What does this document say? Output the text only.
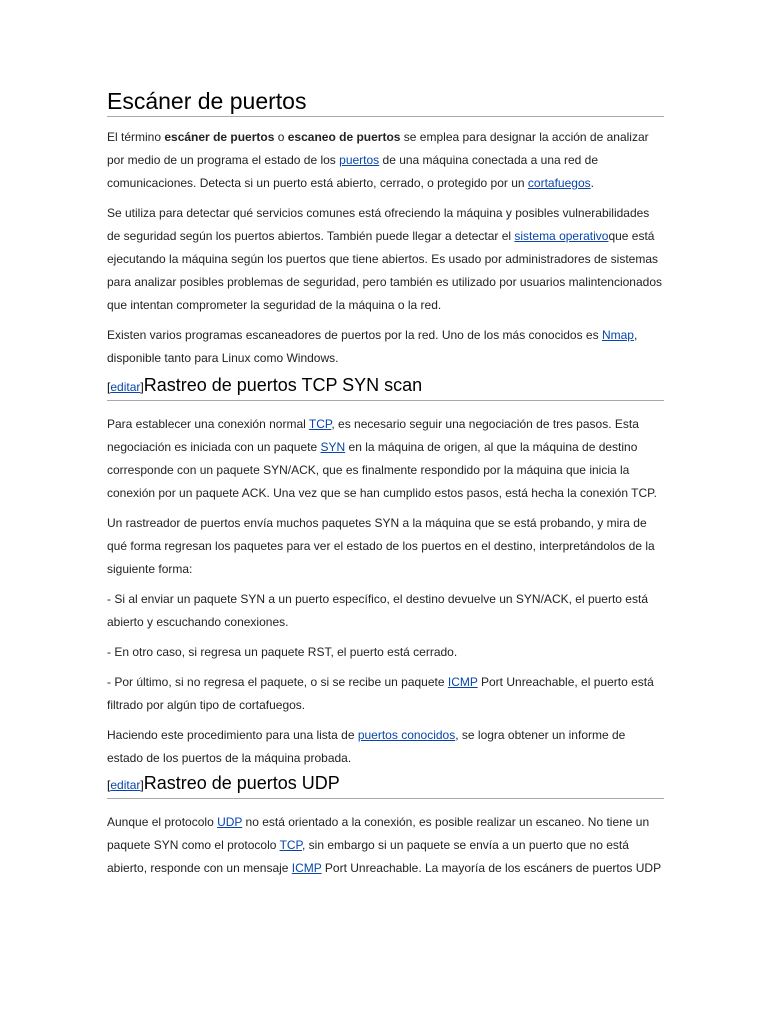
Escáner de puertos

El término escáner de puertos o escaneo de puertos se emplea para designar la acción de analizar por medio de un programa el estado de los puertos de una máquina conectada a una red de comunicaciones. Detecta si un puerto está abierto, cerrado, o protegido por un cortafuegos.

Se utiliza para detectar qué servicios comunes está ofreciendo la máquina y posibles vulnerabilidades de seguridad según los puertos abiertos. También puede llegar a detectar el sistema operativoque está ejecutando la máquina según los puertos que tiene abiertos. Es usado por administradores de sistemas para analizar posibles problemas de seguridad, pero también es utilizado por usuarios malintencionados que intentan comprometer la seguridad de la máquina o la red.

Existen varios programas escaneadores de puertos por la red. Uno de los más conocidos es Nmap, disponible tanto para Linux como Windows.

[editar]Rastreo de puertos TCP SYN scan

Para establecer una conexión normal TCP, es necesario seguir una negociación de tres pasos. Esta negociación es iniciada con un paquete SYN en la máquina de origen, al que la máquina de destino corresponde con un paquete SYN/ACK, que es finalmente respondido por la máquina que inicia la conexión por un paquete ACK. Una vez que se han cumplido estos pasos, está hecha la conexión TCP.

Un rastreador de puertos envía muchos paquetes SYN a la máquina que se está probando, y mira de qué forma regresan los paquetes para ver el estado de los puertos en el destino, interpretándolos de la siguiente forma:

- Si al enviar un paquete SYN a un puerto específico, el destino devuelve un SYN/ACK, el puerto está abierto y escuchando conexiones.

- En otro caso, si regresa un paquete RST, el puerto está cerrado.

- Por último, si no regresa el paquete, o si se recibe un paquete ICMP Port Unreachable, el puerto está filtrado por algún tipo de cortafuegos.

Haciendo este procedimiento para una lista de puertos conocidos, se logra obtener un informe de estado de los puertos de la máquina probada.

[editar]Rastreo de puertos UDP

Aunque el protocolo UDP no está orientado a la conexión, es posible realizar un escaneo. No tiene un paquete SYN como el protocolo TCP, sin embargo si un paquete se envía a un puerto que no está abierto, responde con un mensaje ICMP Port Unreachable. La mayoría de los escáners de puertos UDP
